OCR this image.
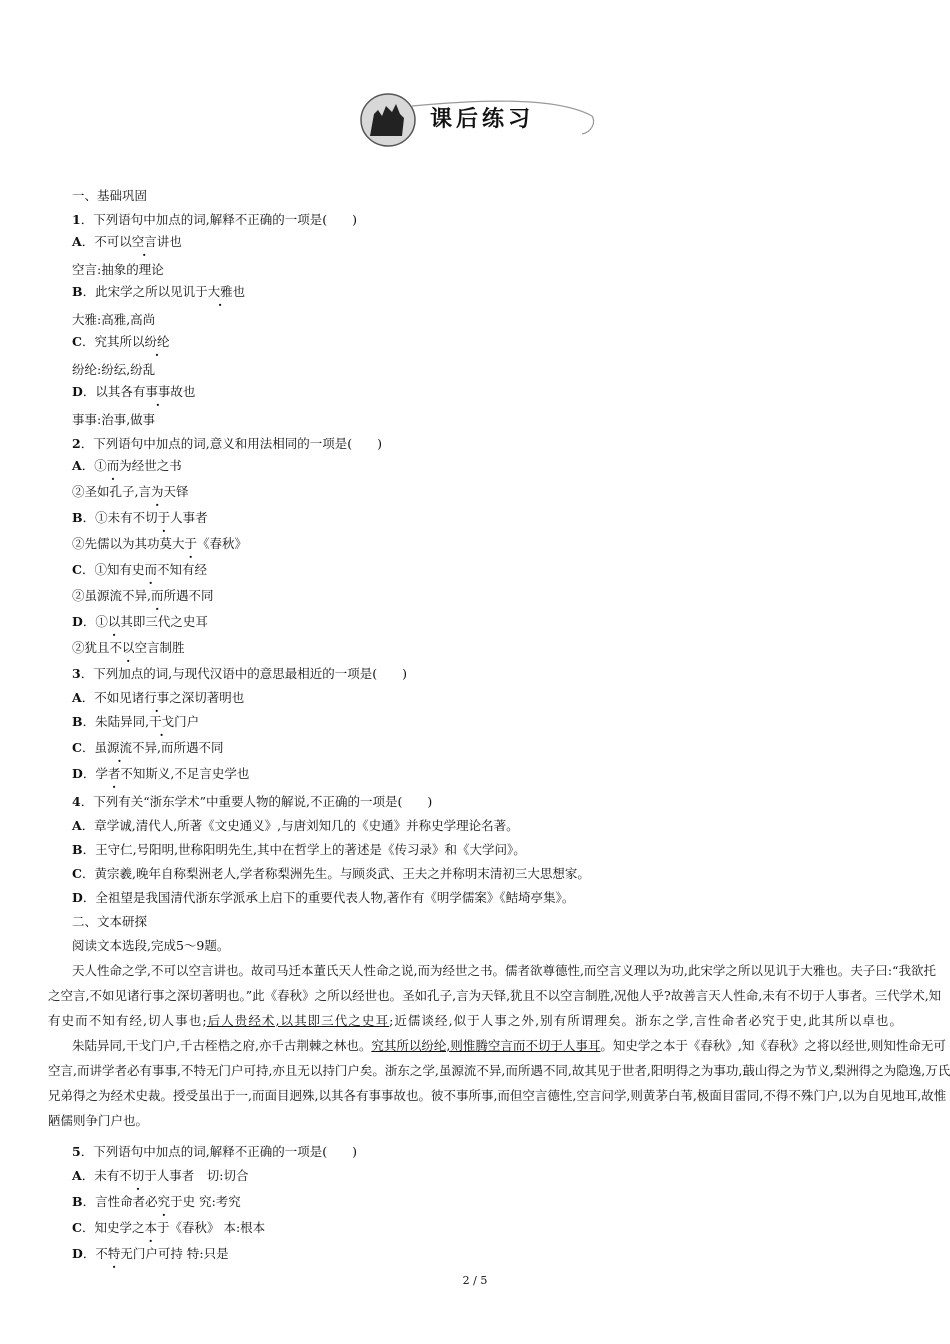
课后练习
一、基础巩固
1．下列语句中加点的词,解释不正确的一项是(　　)
A．不可以空言讲也
空言:抽象的理论
B．此宋学之所以见讥于大雅也
大雅:高雅,高尚
C．究其所以纷纶
纷纶:纷纭,纷乱
D．以其各有事事故也
事事:治事,做事
2．下列语句中加点的词,意义和用法相同的一项是(　　)
A．①而为经世之书
②圣如孔子,言为天铎
B．①未有不切于人事者
②先儒以为其功莫大于《春秋》
C．①知有史而不知有经
②虽源流不异,而所遇不同
D．①以其即三代之史耳
②犹且不以空言制胜
3．下列加点的词,与现代汉语中的意思最相近的一项是(　　)
A．不如见诸行事之深切著明也
B．朱陆异同,干戈门户
C．虽源流不异,而所遇不同
D．学者不知斯义,不足言史学也
4．下列有关“浙东学术”中重要人物的解说,不正确的一项是(　　)
A．章学诚,清代人,所著《文史通义》,与唐刘知几的《史通》并称史学理论名著。
B．王守仁,号阳明,世称阳明先生,其中在哲学上的著述是《传习录》和《大学问》。
C．黄宗羲,晚年自称梨洲老人,学者称梨洲先生。与顾炎武、王夫之并称明末清初三大思想家。
D．全祖望是我国清代浙东学派承上启下的重要代表人物,著作有《明学儒案》《鲒埼亭集》。
二、文本研探
阅读文本选段,完成5～9题。
天人性命之学,不可以空言讲也。故司马迁本董氏天人性命之说,而为经世之书。儒者欲尊德性,而空言义理以为功,此宋学之所以见讥于大雅也。夫子曰:“我欲托
之空言,不如见诸行事之深切著明也。”此《春秋》之所以经世也。圣如孔子,言为天铎,犹且不以空言制胜,况他人乎?故善言天人性命,未有不切于人事者。三代学术,知
有史而不知有经,切人事也;后人贵经术,以其即三代之史耳;近儒谈经,似于人事之外,别有所谓理矣。浙东之学,言性命者必究于史,此其所以卓也。
朱陆异同,干戈门户,千古桎梏之府,亦千古荆棘之林也。究其所以纷纶,则惟腾空言而不切于人事耳。知史学之本于《春秋》,知《春秋》之将以经世,则知性命无可
空言,而讲学者必有事事,不特无门户可持,亦且无以持门户矣。浙东之学,虽源流不异,而所遇不同,故其见于世者,阳明得之为事功,蕺山得之为节义,梨洲得之为隐逸,万氏
兄弟得之为经术史裁。授受虽出于一,而面目迥殊,以其各有事事故也。彼不事所事,而但空言德性,空言问学,则黄茅白苇,极面目雷同,不得不殊门户,以为自见地耳,故惟
陋儒则争门户也。
5．下列语句中加点的词,解释不正确的一项是(　　)
A．未有不切于人事者　切:切合
B．言性命者必究于史 究:考究
C．知史学之本于《春秋》 本:根本
D．不特无门户可持 特:只是
2 / 5
